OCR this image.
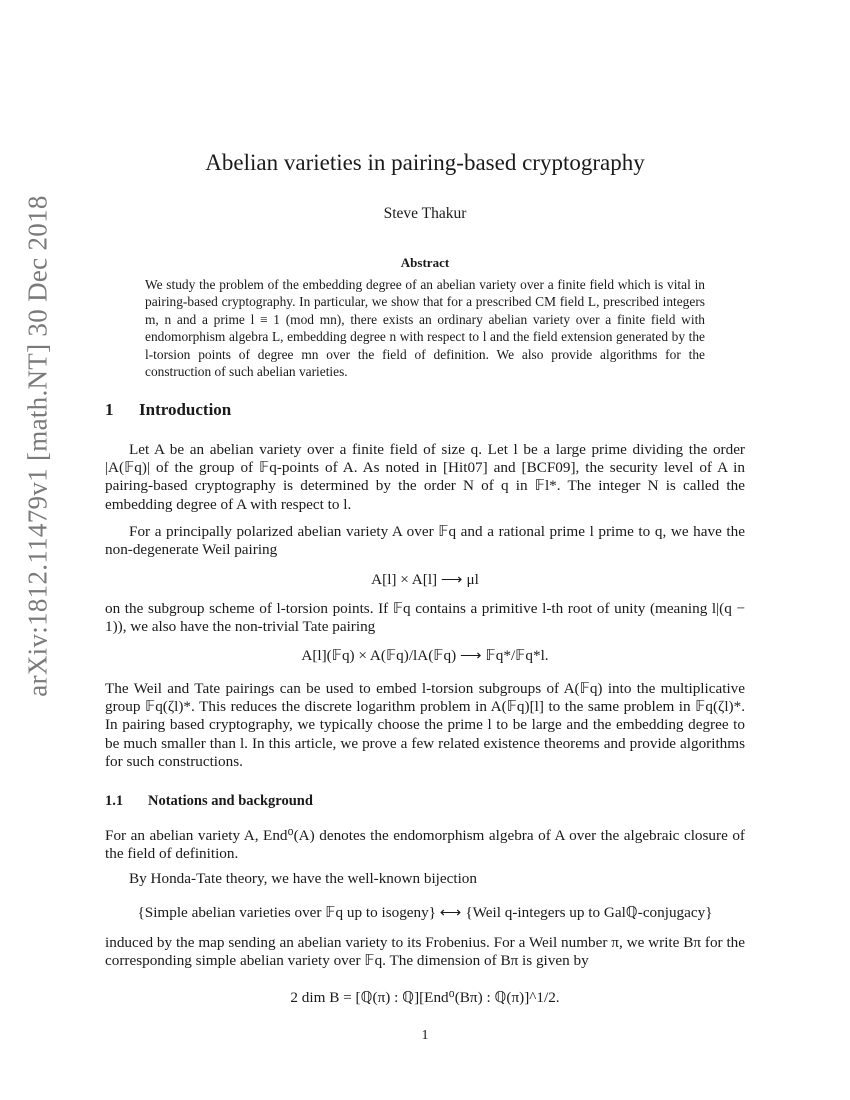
arXiv:1812.11479v1 [math.NT] 30 Dec 2018
Abelian varieties in pairing-based cryptography
Steve Thakur
Abstract

We study the problem of the embedding degree of an abelian variety over a finite field which is vital in pairing-based cryptography. In particular, we show that for a prescribed CM field L, prescribed integers m, n and a prime l ≡ 1 (mod mn), there exists an ordinary abelian variety over a finite field with endomorphism algebra L, embedding degree n with respect to l and the field extension generated by the l-torsion points of degree mn over the field of definition. We also provide algorithms for the construction of such abelian varieties.

1 Introduction

Let A be an abelian variety over a finite field of size q. Let l be a large prime dividing the order |A(𝔽q)| of the group of 𝔽q-points of A. As noted in [Hit07] and [BCF09], the security level of A in pairing-based cryptography is determined by the order N of q in 𝔽l*. The integer N is called the embedding degree of A with respect to l.

For a principally polarized abelian variety A over 𝔽q and a rational prime l prime to q, we have the non-degenerate Weil pairing

A[l] × A[l] ⟶ μl

on the subgroup scheme of l-torsion points. If 𝔽q contains a primitive l-th root of unity (meaning l|(q − 1)), we also have the non-trivial Tate pairing

A[l](𝔽q) × A(𝔽q)/lA(𝔽q) ⟶ 𝔽q*/𝔽q*l.

The Weil and Tate pairings can be used to embed l-torsion subgroups of A(𝔽q) into the multiplicative group 𝔽q(ζl)*. This reduces the discrete logarithm problem in A(𝔽q)[l] to the same problem in 𝔽q(ζl)*. In pairing based cryptography, we typically choose the prime l to be large and the embedding degree to be much smaller than l. In this article, we prove a few related existence theorems and provide algorithms for such constructions.

1.1 Notations and background

For an abelian variety A, End⁰(A) denotes the endomorphism algebra of A over the algebraic closure of the field of definition.

By Honda-Tate theory, we have the well-known bijection

{Simple abelian varieties over 𝔽q up to isogeny} ⟷ {Weil q-integers up to Galℚ-conjugacy}

induced by the map sending an abelian variety to its Frobenius. For a Weil number π, we write Bπ for the corresponding simple abelian variety over 𝔽q. The dimension of Bπ is given by

2 dim B = [ℚ(π) : ℚ][End⁰(Bπ) : ℚ(π)]^1/2.
1
